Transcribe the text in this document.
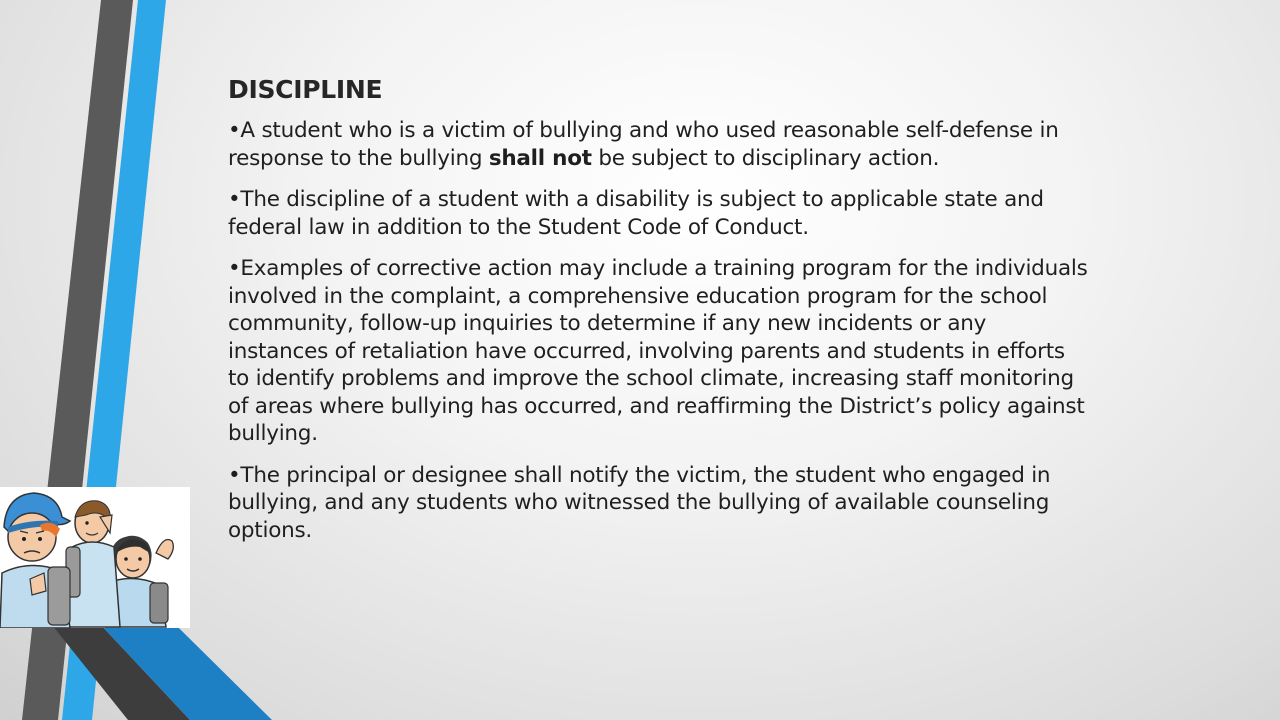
DISCIPLINE

•A student who is a victim of bullying and who used reasonable self-defense in response to the bullying shall not be subject to disciplinary action.

•The discipline of a student with a disability is subject to applicable state and federal law in addition to the Student Code of Conduct.

•Examples of corrective action may include a training program for the individuals involved in the complaint, a comprehensive education program for the school community, follow-up inquiries to determine if any new incidents or any instances of retaliation have occurred, involving parents and students in efforts to identify problems and improve the school climate, increasing staff monitoring of areas where bullying has occurred, and reaffirming the District’s policy against bullying.

•The principal or designee shall notify the victim, the student who engaged in bullying, and any students who witnessed the bullying of available counseling options.
